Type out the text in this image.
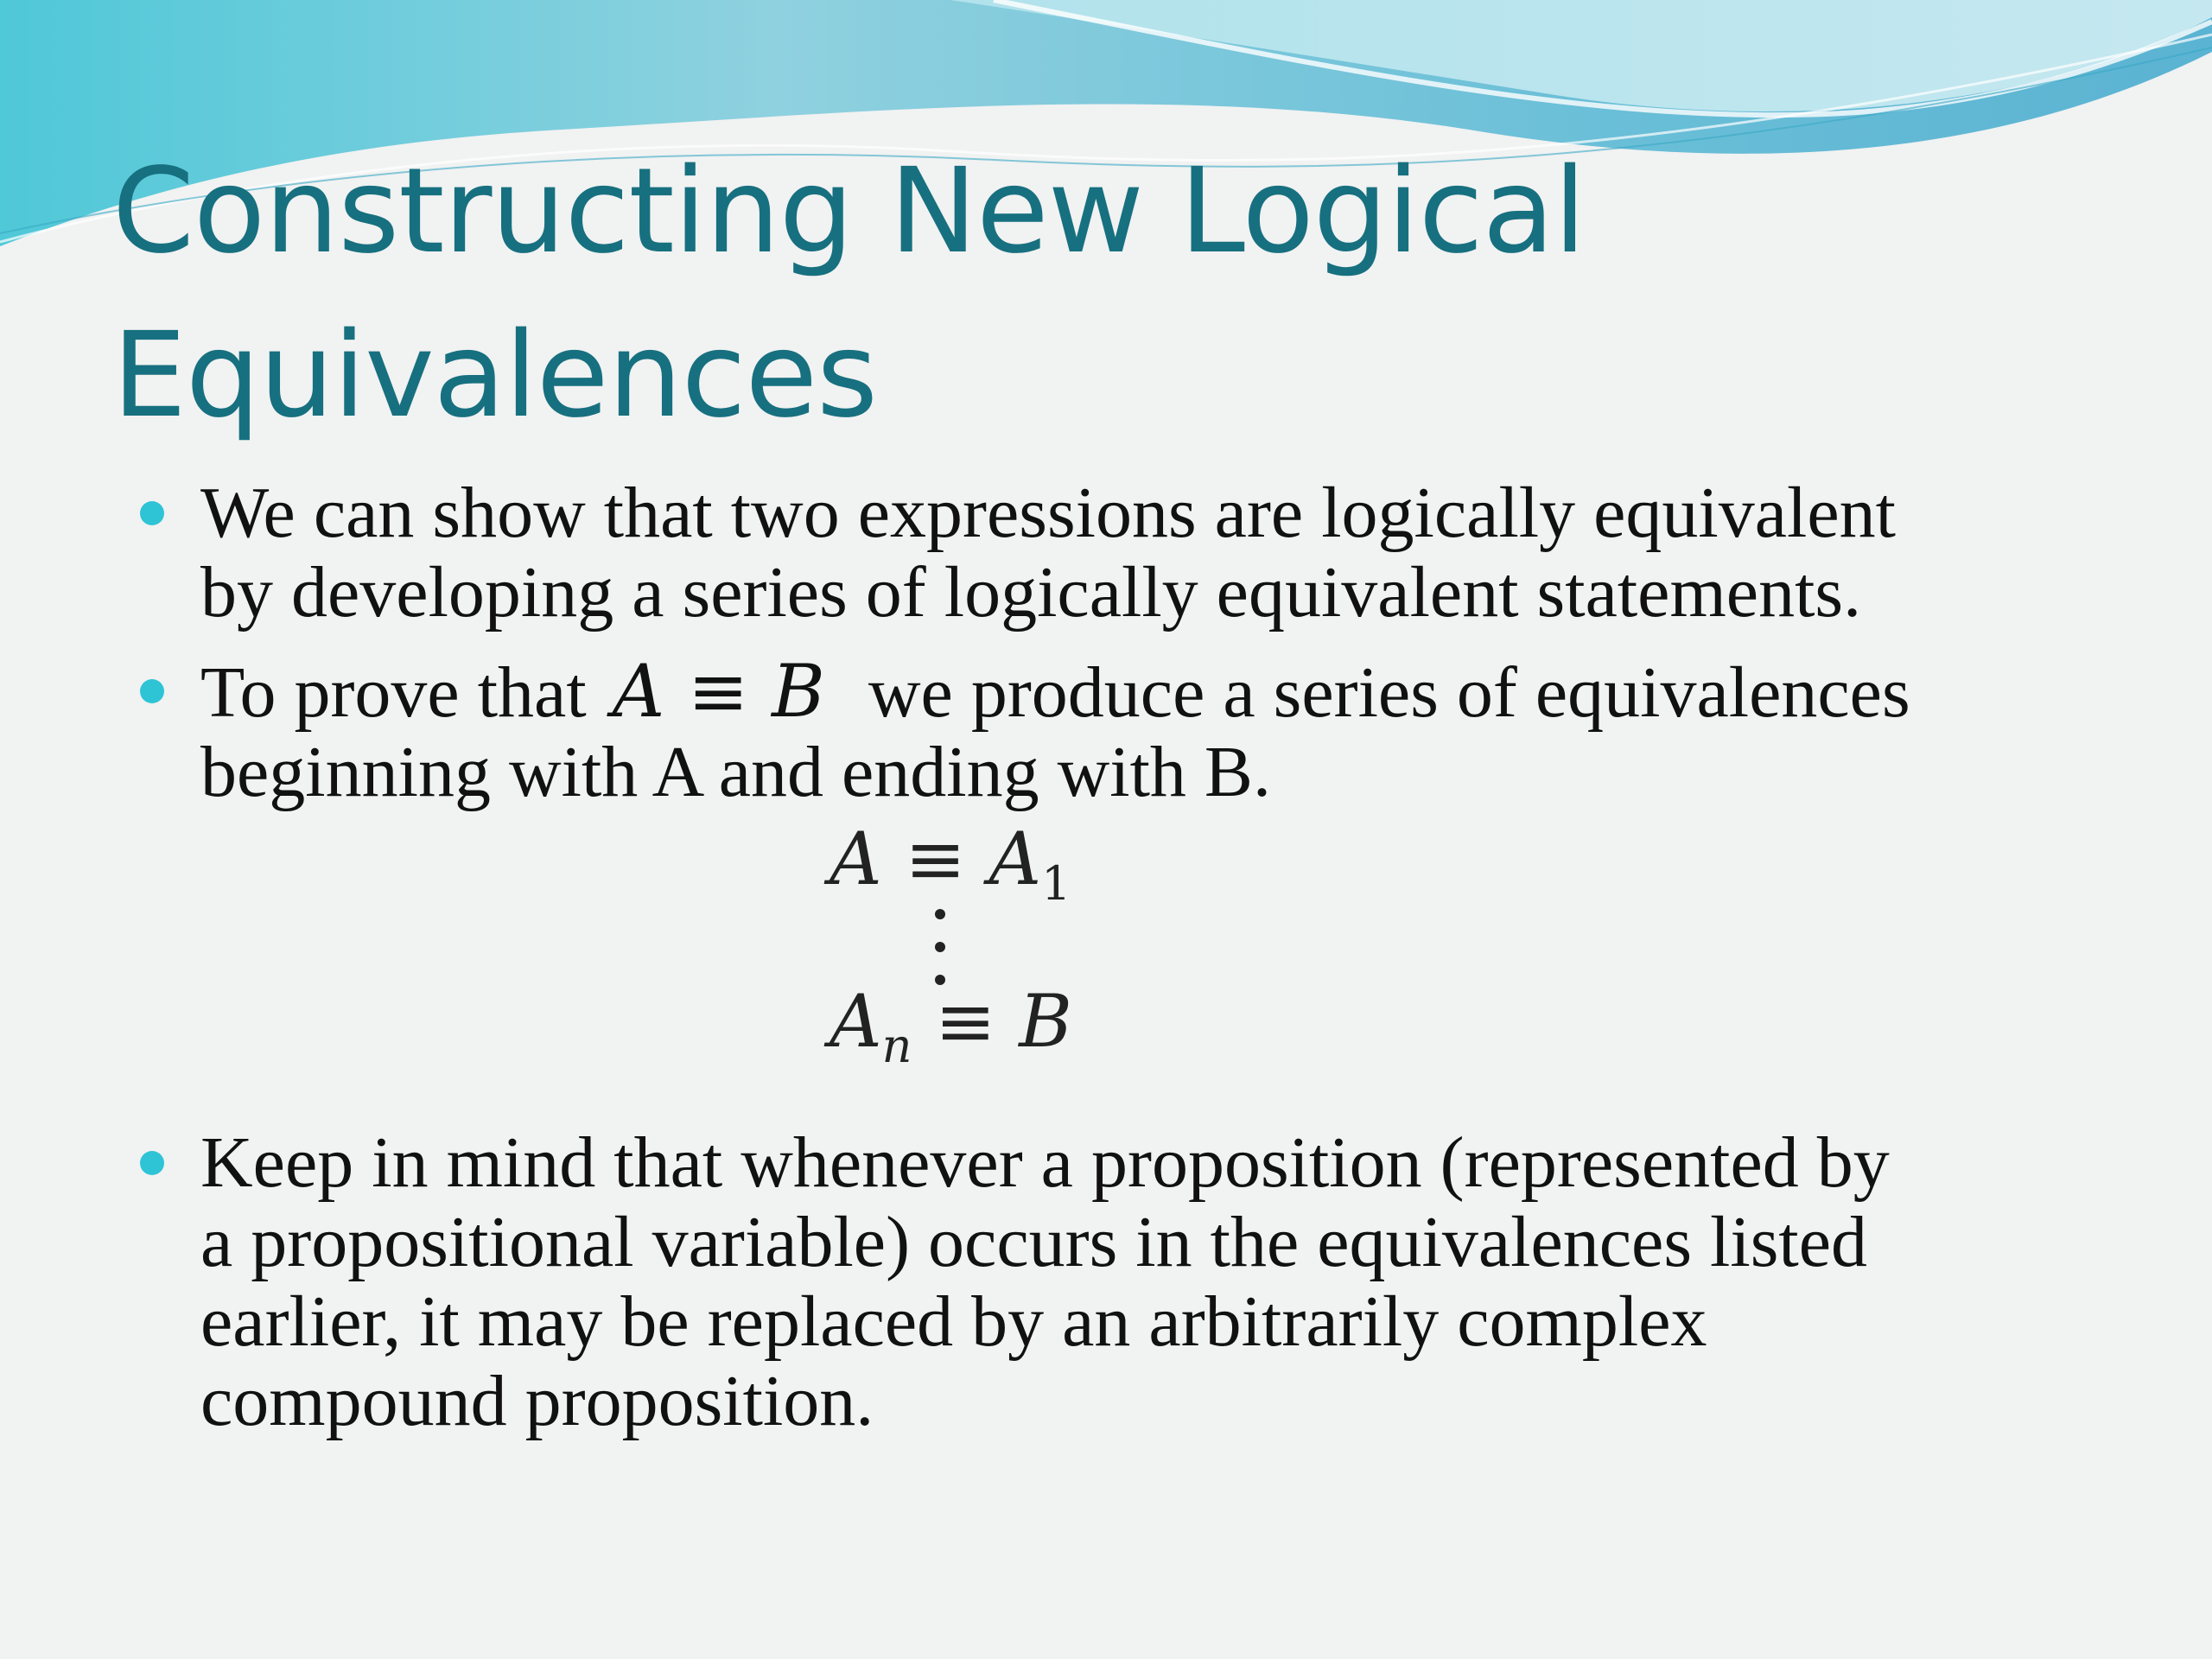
Constructing New Logical
Equivalences
We can show that two expressions are logically equivalent
by developing a series of logically equivalent statements.
To prove that A ≡ B we produce a series of equivalences
beginning with A and ending with B.
$A \equiv A_1$
$A_n \equiv B$
Keep in mind that whenever a proposition (represented by
a propositional variable) occurs in the equivalences listed
earlier, it may be replaced by an arbitrarily complex
compound proposition.
